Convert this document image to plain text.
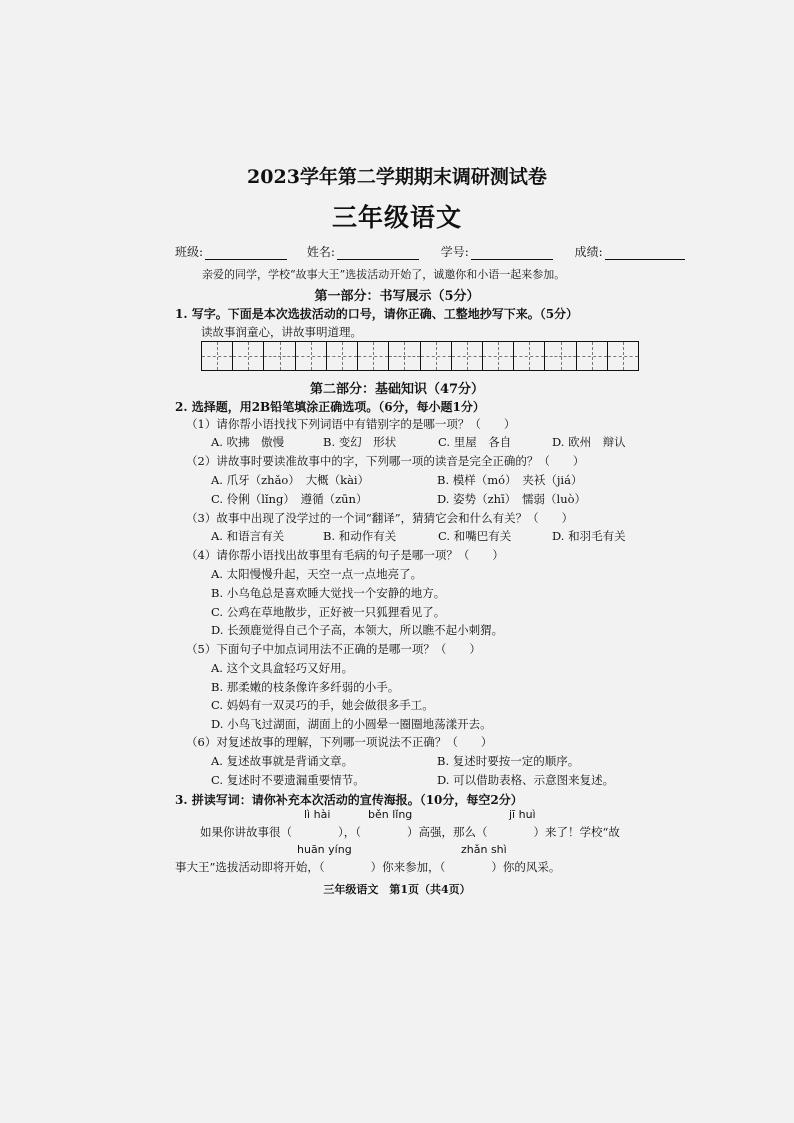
2023学年第二学期期末调研测试卷
三年级语文
班级:	姓名:	学号:	成绩:
亲爱的同学，学校“故事大王”选拔活动开始了，诚邀你和小语一起来参加。
第一部分：书写展示（5分）
1. 写字。下面是本次选拔活动的口号，请你正确、工整地抄写下来。（5分）
读故事润童心，讲故事明道理。
第二部分：基础知识（47分）
2. 选择题，用2B铅笔填涂正确选项。（6分，每小题1分）
（1）请你帮小语找找下列词语中有错别字的是哪一项？（　　）
A. 吹拂　傲慢	B. 变幻　形状	C. 里屋　各自	D. 欧州　辩认
（2）讲故事时要读准故事中的字，下列哪一项的读音是完全正确的？（　　）
A. 爪牙（zhǎo）　大概（kài）	B. 模样（mó）　夹袄（jiá）
C. 伶俐（lǐng）　遵循（zūn）	D. 姿势（zhī）　懦弱（luò）
（3）故事中出现了没学过的一个词“翻译”，猜猜它会和什么有关？（　　）
A. 和语言有关	B. 和动作有关	C. 和嘴巴有关	D. 和羽毛有关
（4）请你帮小语找出故事里有毛病的句子是哪一项？（　　）
A. 太阳慢慢升起，天空一点一点地亮了。
B. 小乌龟总是喜欢睡大觉找一个安静的地方。
C. 公鸡在草地散步，正好被一只狐狸看见了。
D. 长颈鹿觉得自己个子高，本领大，所以瞧不起小刺猬。
（5）下面句子中加点词用法不正确的是哪一项？（　　）
A. 这个文具盒轻巧又好用。
B. 那柔嫩的枝条像许多纤弱的小手。
C. 妈妈有一双灵巧的手，她会做很多手工。
D. 小鸟飞过湖面，湖面上的小圆晕一圈圈地荡漾开去。
（6）对复述故事的理解，下列哪一项说法不正确？（　　）
A. 复述故事就是背诵文章。	B. 复述时要按一定的顺序。
C. 复述时不要遗漏重要情节。	D. 可以借助表格、示意图来复述。
3. 拼读写词：请你补充本次活动的宣传海报。（10分，每空2分）
lì hài	běn lǐng	jī huì
如果你讲故事很（　　　　），（　　　　）高强，那么（　　　　）来了！学校“故
huān yíng	zhǎn shì
事大王”选拔活动即将开始，（　　　　）你来参加，（　　　　）你的风采。
三年级语文　第1页（共4页）
